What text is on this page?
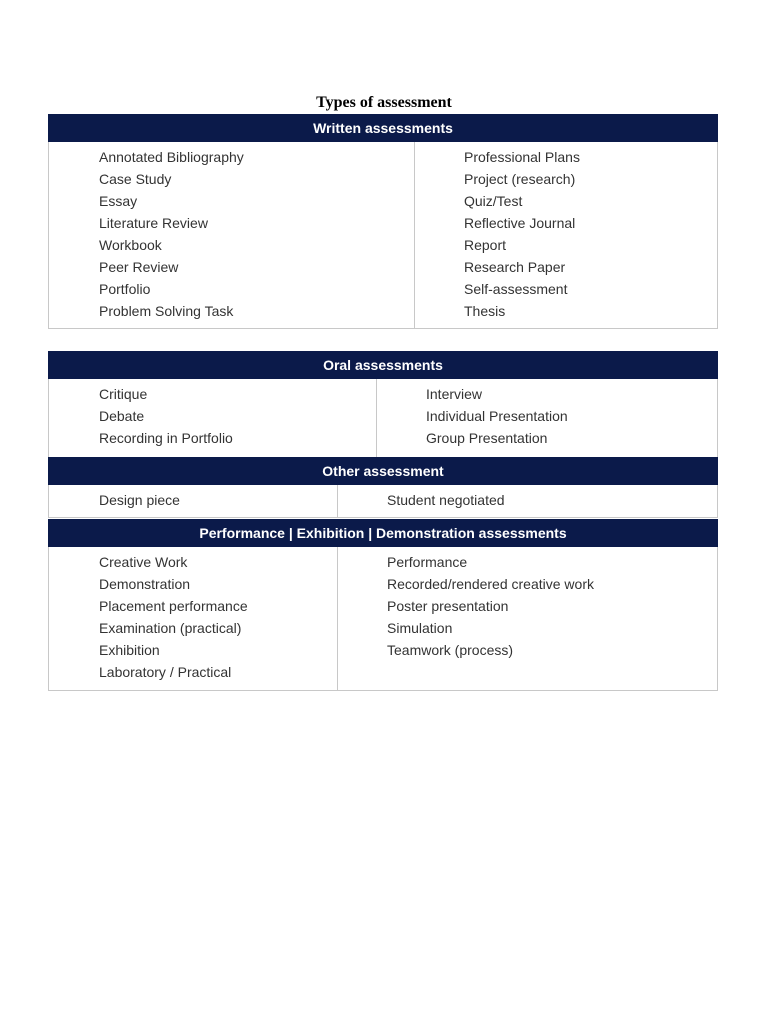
Types of assessment
Written assessments
Annotated Bibliography
Case Study
Essay
Literature Review
Workbook
Peer Review
Portfolio
Problem Solving Task
Professional Plans
Project (research)
Quiz/Test
Reflective Journal
Report
Research Paper
Self-assessment
Thesis
Oral assessments
Critique
Debate
Recording in Portfolio
Interview
Individual Presentation
Group Presentation
Other assessment
Design piece	Student negotiated
Performance | Exhibition | Demonstration assessments
Creative Work
Demonstration
Placement performance
Examination (practical)
Exhibition
Laboratory / Practical
Performance
Recorded/rendered creative work
Poster presentation
Simulation
Teamwork (process)
